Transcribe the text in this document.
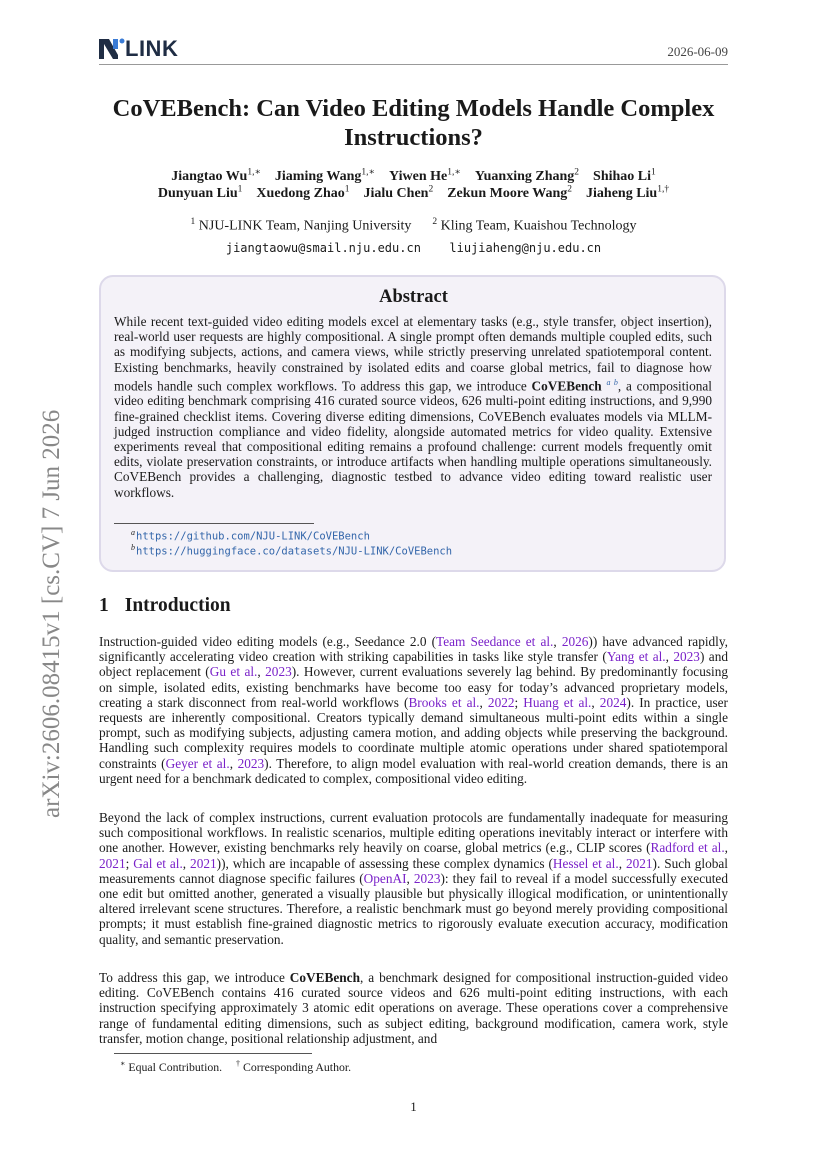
LINK	2026-06-09
CoVEBench: Can Video Editing Models Handle Complex Instructions?
Jiangtao $Wu^{1,∗}$ Jiaming Wang$^{1,∗}$ Yiwen $He^{1,∗}$ Yuanxing Zhang$^2$ Shihao Li$^1$
Dunyuan Liu$^1$ Xuedong Zhao$^1$ Jialu Chen$^2$ Zekun Moore Wang$^2$ Jiaheng Liu$^{1,\dagger}$
$^1$ NJU-LINK Team, Nanjing University $^2$ Kling Team, Kuaishou Technology
jiangtaowu@smail.nju.edu.cn liujiaheng@nju.edu.cn
Abstract
While recent text-guided video editing models excel at elementary tasks (e.g., style transfer, object insertion), real-world user requests are highly compositional. A single prompt often demands multiple coupled edits, such as modifying subjects, actions, and camera views, while strictly preserving unrelated spatiotemporal content. Existing benchmarks, heavily constrained by isolated edits and coarse global metrics, fail to diagnose how models handle such complex workflows. To address this gap, we introduce CoVEBench $^{a b}$, a compositional video editing benchmark comprising 416 curated source videos, 626 multi-point editing instructions, and 9,990 fine-grained checklist items. Covering diverse editing dimensions, CoVEBench evaluates models via MLLM-judged instruction compliance and video fidelity, alongside automated metrics for video quality. Extensive experiments reveal that compositional editing remains a profound challenge: current models frequently omit edits, violate preservation constraints, or introduce artifacts when handling multiple operations simultaneously. CoVEBench provides a challenging, diagnostic testbed to advance video editing toward realistic user workflows.
$^a$https://github.com/NJU-LINK/CoVEBench
$^b$https://huggingface.co/datasets/NJU-LINK/CoVEBench
arXiv:2606.08415v1 [cs.CV] 7 Jun 2026 1 Introduction
Instruction-guided video editing models (e.g., Seedance 2.0 (Team Seedance et al., 2026)) have advanced rapidly, significantly accelerating video creation with striking capabilities in tasks like style transfer (Yang et al., 2023) and object replacement (Gu et al., 2023). However, current evaluations severely lag behind. By predominantly focusing on simple, isolated edits, existing benchmarks have become too easy for today’s advanced proprietary models, creating a stark disconnect from real-world workflows (Brooks et al., 2022; Huang et al., 2024). In practice, user requests are inherently compositional. Creators typically demand simultaneous multi-point edits within a single prompt, such as modifying subjects, adjusting camera motion, and adding objects while preserving the background. Handling such complexity requires models to coordinate multiple atomic operations under shared spatiotemporal constraints (Geyer et al., 2023). Therefore, to align model evaluation with real-world creation demands, there is an urgent need for a benchmark dedicated to complex, compositional video editing.
Beyond the lack of complex instructions, current evaluation protocols are fundamentally inadequate for measuring such compositional workflows. In realistic scenarios, multiple editing operations inevitably interact or interfere with one another. However, existing benchmarks rely heavily on coarse, global metrics (e.g., CLIP scores (Radford et al., 2021; Gal et al., 2021)), which are incapable of assessing these complex dynamics (Hessel et al., 2021). Such global measurements cannot diagnose specific failures (OpenAI, 2023): they fail to reveal if a model successfully executed one edit but omitted another, generated a visually plausible but physically illogical modification, or unintentionally altered irrelevant scene structures. Therefore, a realistic benchmark must go beyond merely providing compositional prompts; it must establish fine-grained diagnostic metrics to rigorously evaluate execution accuracy, modification quality, and semantic preservation.
To address this gap, we introduce CoVEBench, a benchmark designed for compositional instruction-guided video editing. CoVEBench contains 416 curated source videos and 626 multi-point editing instructions, with each instruction specifying approximately 3 atomic edit operations on average. These operations cover a comprehensive range of fundamental editing dimensions, such as subject editing, background modification, camera work, style transfer, motion change, positional relationship adjustment, and
∗ Equal Contribution. † Corresponding Author.
1
